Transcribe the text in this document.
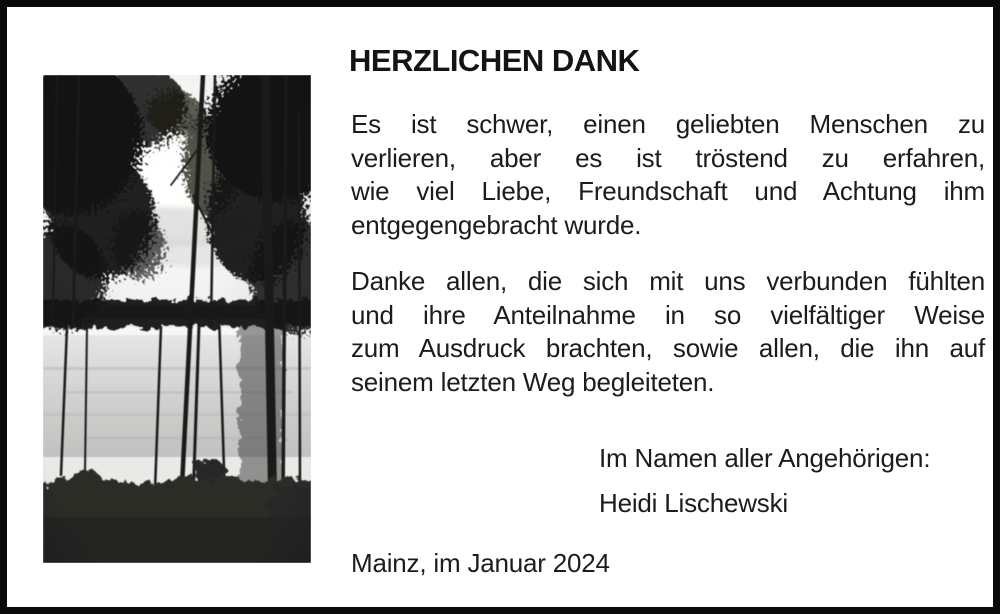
HERZLICHEN DANK
Es ist schwer, einen geliebten Menschen zu
verlieren, aber es ist tröstend zu erfahren,
wie viel Liebe, Freundschaft und Achtung ihm
entgegengebracht wurde.
Danke allen, die sich mit uns verbunden fühlten
und ihre Anteilnahme in so vielfältiger Weise
zum Ausdruck brachten, sowie allen, die ihn auf
seinem letzten Weg begleiteten.
Im Namen aller Angehörigen:
Heidi Lischewski
Mainz, im Januar 2024
